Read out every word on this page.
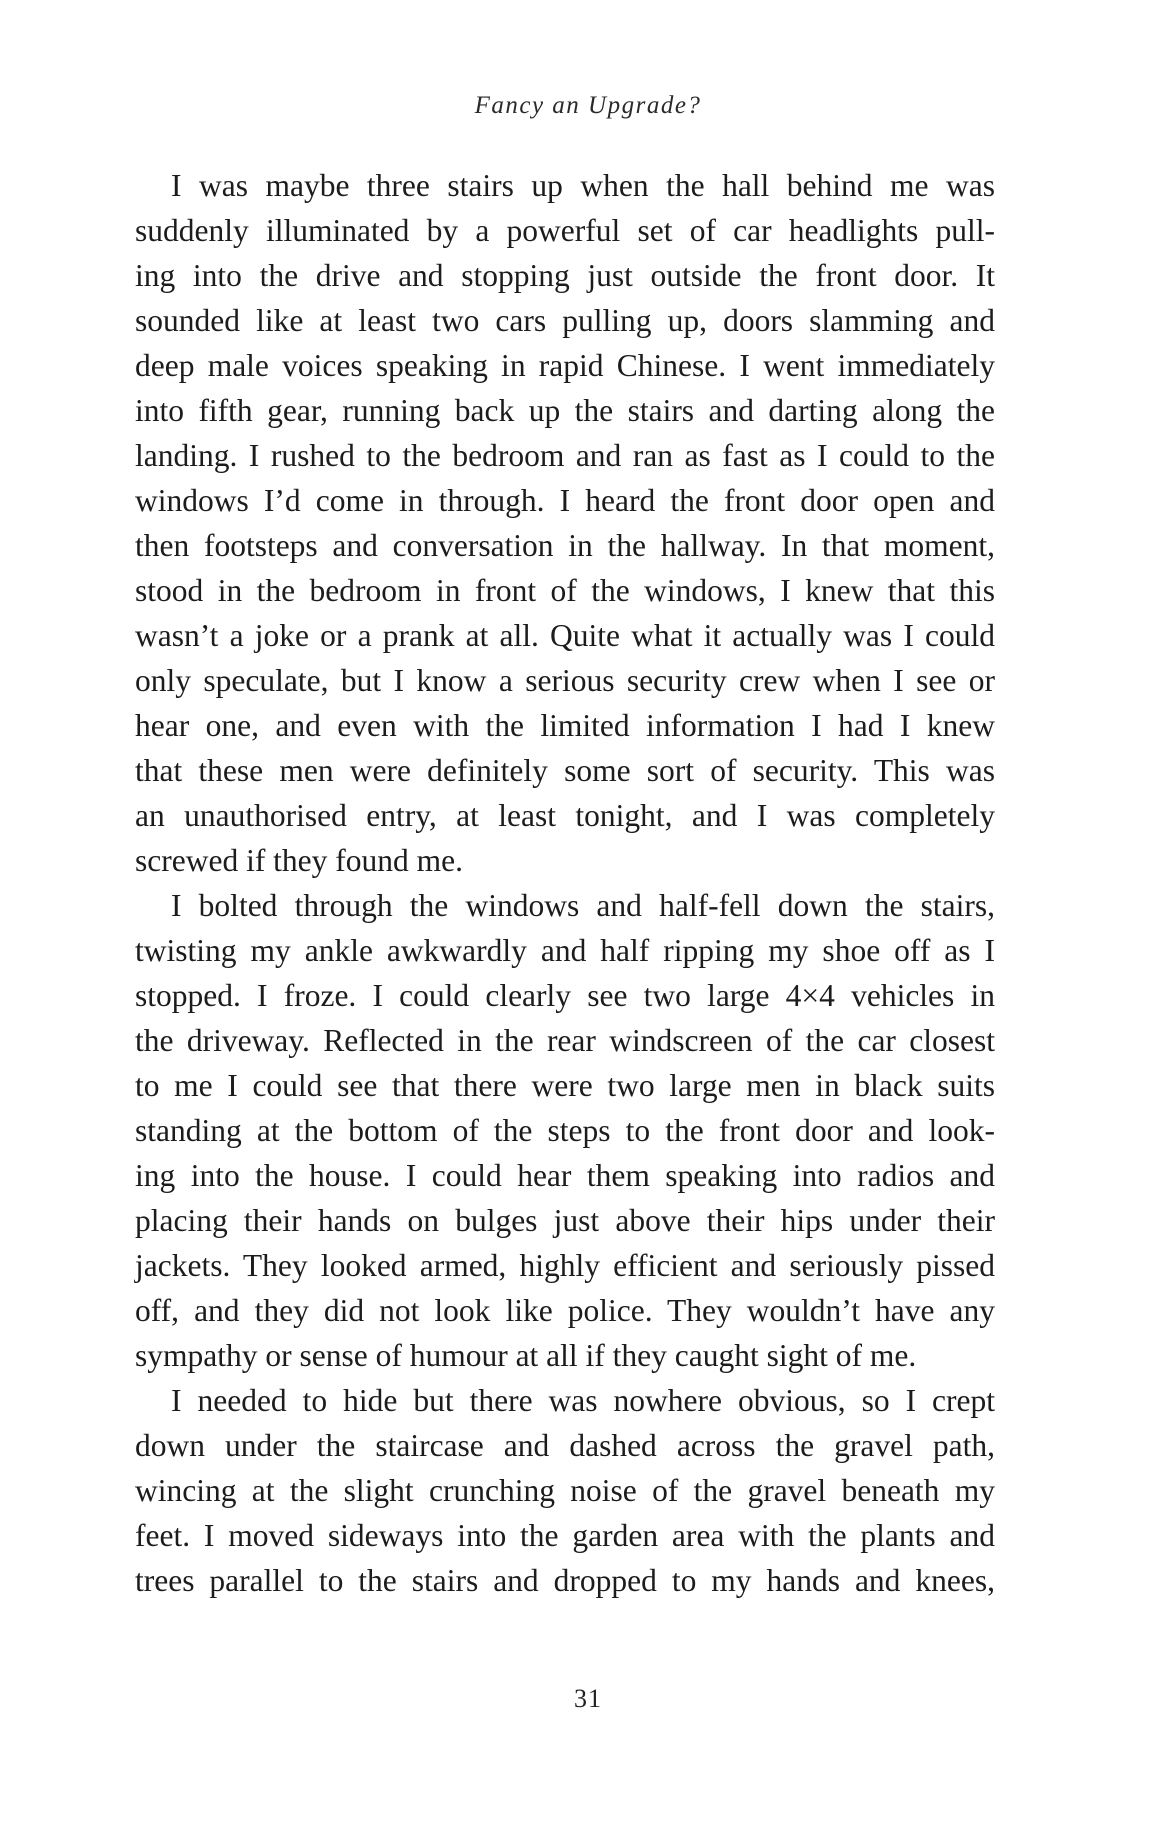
Fancy an Upgrade?
I was maybe three stairs up when the hall behind me was
suddenly illuminated by a powerful set of car headlights pull-
ing into the drive and stopping just outside the front door. It
sounded like at least two cars pulling up, doors slamming and
deep male voices speaking in rapid Chinese. I went immediately
into fifth gear, running back up the stairs and darting along the
landing. I rushed to the bedroom and ran as fast as I could to the
windows I’d come in through. I heard the front door open and
then footsteps and conversation in the hallway. In that moment,
stood in the bedroom in front of the windows, I knew that this
wasn’t a joke or a prank at all. Quite what it actually was I could
only speculate, but I know a serious security crew when I see or
hear one, and even with the limited information I had I knew
that these men were definitely some sort of security. This was
an unauthorised entry, at least tonight, and I was completely
screwed if they found me.
I bolted through the windows and half-fell down the stairs,
twisting my ankle awkwardly and half ripping my shoe off as I
stopped. I froze. I could clearly see two large 4×4 vehicles in
the driveway. Reflected in the rear windscreen of the car closest
to me I could see that there were two large men in black suits
standing at the bottom of the steps to the front door and look-
ing into the house. I could hear them speaking into radios and
placing their hands on bulges just above their hips under their
jackets. They looked armed, highly efficient and seriously pissed
off, and they did not look like police. They wouldn’t have any
sympathy or sense of humour at all if they caught sight of me.
I needed to hide but there was nowhere obvious, so I crept
down under the staircase and dashed across the gravel path,
wincing at the slight crunching noise of the gravel beneath my
feet. I moved sideways into the garden area with the plants and
trees parallel to the stairs and dropped to my hands and knees,
31
